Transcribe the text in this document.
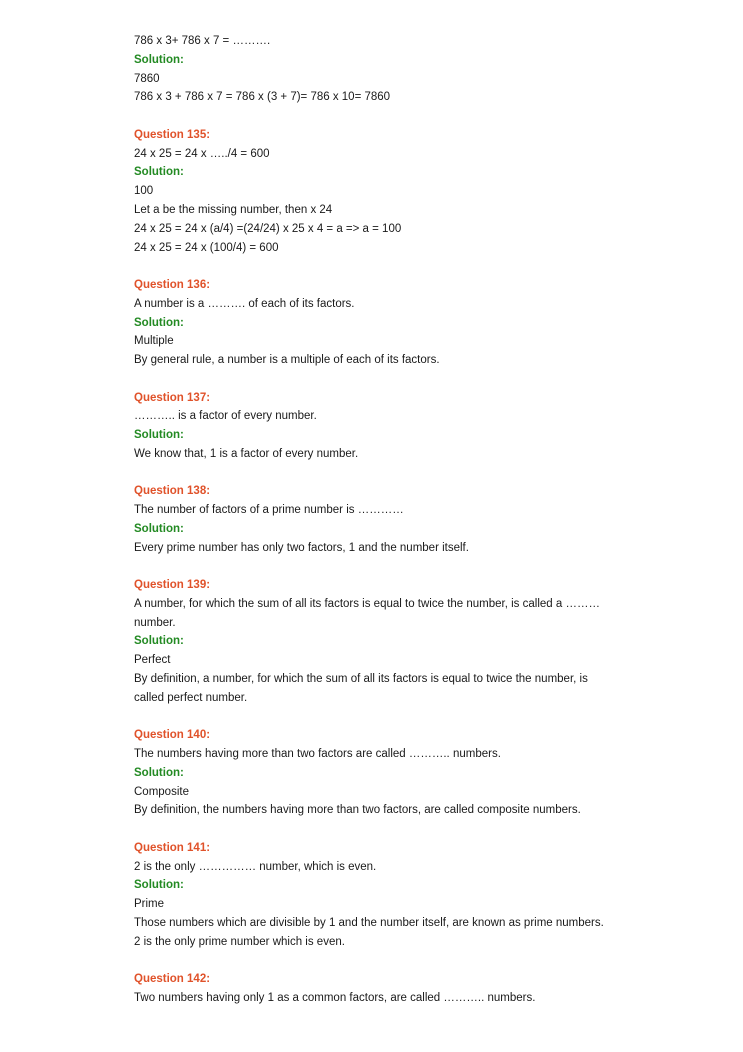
786 x 3+ 786 x 7 = ……….
Solution:
7860
786 x 3 + 786 x 7 = 786 x (3 + 7)= 786 x 10= 7860
Question 135:
24 x 25 = 24 x …../4 = 600
Solution:
100
Let a be the missing number, then x 24
24 x 25 = 24 x (a/4) =(24/24) x 25 x 4 = a => a = 100
24 x 25 = 24 x (100/4) = 600
Question 136:
A number is a ………. of each of its factors.
Solution:
Multiple
By general rule, a number is a multiple of each of its factors.
Question 137:
……….. is a factor of every number.
Solution:
We know that, 1 is a factor of every number.
Question 138:
The number of factors of a prime number is …………
Solution:
Every prime number has only two factors, 1 and the number itself.
Question 139:
A number, for which the sum of all its factors is equal to twice the number, is called a ………
number.
Solution:
Perfect
By definition, a number, for which the sum of all its factors is equal to twice the number, is
called perfect number.
Question 140:
The numbers having more than two factors are called ……….. numbers.
Solution:
Composite
By definition, the numbers having more than two factors, are called composite numbers.
Question 141:
2 is the only …………… number, which is even.
Solution:
Prime
Those numbers which are divisible by 1 and the number itself, are known as prime numbers.
2 is the only prime number which is even.
Question 142:
Two numbers having only 1 as a common factors, are called ……….. numbers.
